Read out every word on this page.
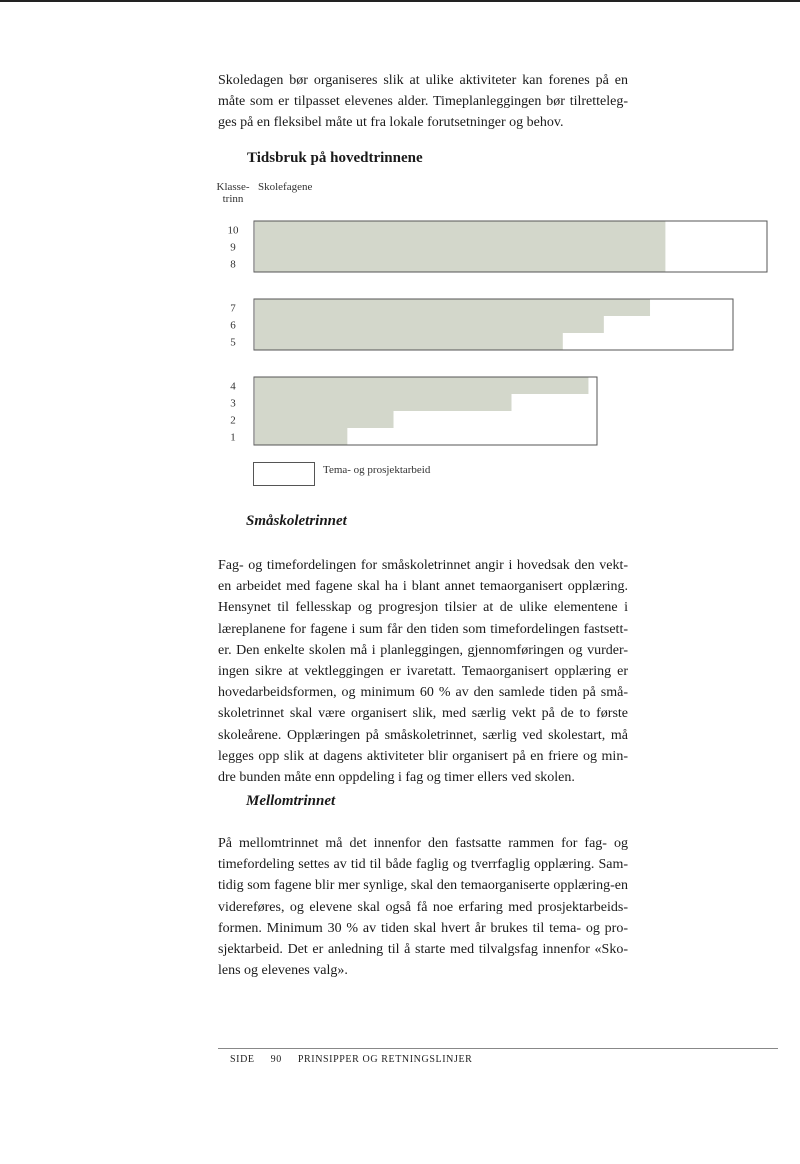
Skoledagen bør organiseres slik at ulike aktiviteter kan forenes på en måte som er tilpasset elevenes alder. Timeplanleggingen bør tilretteleg-ges på en fleksibel måte ut fra lokale forutsetninger og behov.

Tidsbruk på hovedtrinnene
Klasse-trinn
Skolefagene
10
9
8
7
6
5
4
3
2
1
Tema- og prosjektarbeid
Småskoletrinnet

Fag- og timefordelingen for småskoletrinnet angir i hovedsak den vekt-en arbeidet med fagene skal ha i blant annet temaorganisert opplæring. Hensynet til fellesskap og progresjon tilsier at de ulike elementene i læreplanene for fagene i sum får den tiden som timefordelingen fastsett-er. Den enkelte skolen må i planleggingen, gjennomføringen og vurder-ingen sikre at vektleggingen er ivaretatt. Temaorganisert opplæring er hovedarbeidsformen, og minimum 60 % av den samlede tiden på små-skoletrinnet skal være organisert slik, med særlig vekt på de to første skoleårene. Opplæringen på småskoletrinnet, særlig ved skolestart, må legges opp slik at dagens aktiviteter blir organisert på en friere og min-dre bunden måte enn oppdeling i fag og timer ellers ved skolen.

Mellomtrinnet

På mellomtrinnet må det innenfor den fastsatte rammen for fag- og timefordeling settes av tid til både faglig og tverrfaglig opplæring. Sam-tidig som fagene blir mer synlige, skal den temaorganiserte opplæring-en videreføres, og elevene skal også få noe erfaring med prosjektarbeids-formen. Minimum 30 % av tiden skal hvert år brukes til tema- og pro-sjektarbeid. Det er anledning til å starte med tilvalgsfag innenfor «Sko-lens og elevenes valg».

SIDE 90 PRINSIPPER OG RETNINGSLINJER
